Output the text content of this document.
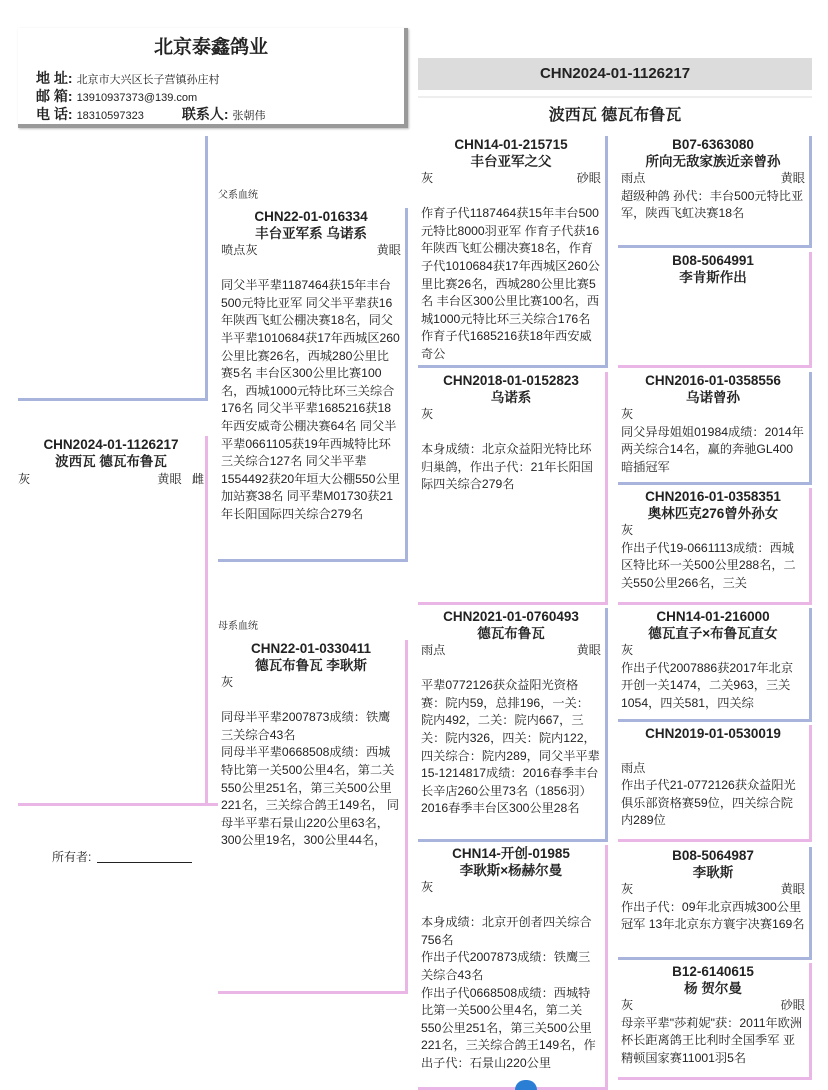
北京泰鑫鸽业
地 址: 北京市大兴区长子营镇孙庄村
邮 箱: 13910937373@139.com
电 话: 18310597323	联系人: 张朝伟
CHN2024-01-1126217
波西瓦 德瓦布鲁瓦
CHN2024-01-1126217
波西瓦 德瓦布鲁瓦
灰	黄眼 雌
父系血统
母系血统
所有者:
CHN22-01-016334
丰台亚军系 乌诺系
喷点灰	黄眼
同父半平辈1187464获15年丰台500元特比亚军 同父半平辈获16年陕西飞虹公棚决赛18名，同父半平辈1010684获17年西城区260公里比赛26名，西城280公里比赛5名 丰台区300公里比赛100名，西城1000元特比环三关综合176名 同父半平辈1685216获18年西安威奇公棚决赛64名 同父半平辈0661105获19年西城特比环三关综合127名 同父半平辈1554492获20年垣大公棚550公里加站赛38名 同平辈M01730获21年长阳国际四关综合279名
CHN22-01-0330411
德瓦布鲁瓦 李耿斯
灰
同母半平辈2007873成绩：铁鹰三关综合43名
同母半平辈0668508成绩：西城特比第一关500公里4名，第二关550公里251名，第三关500公里221名，三关综合鸽王149名， 同母半平辈石景山220公里63名，300公里19名，300公里44名，
CHN14-01-215715
丰台亚军之父
灰	砂眼
作育子代1187464获15年丰台500元特比8000羽亚军 作育子代获16年陕西飞虹公棚决赛18名，作育子代1010684获17年西城区260公里比赛26名，西城280公里比赛5名 丰台区300公里比赛100名，西城1000元特比环三关综合176名 作育子代1685216获18年西安威奇公
CHN2018-01-0152823
乌诺系
灰
本身成绩：北京众益阳光特比环归巢鸽，作出子代：21年长阳国际四关综合279名
CHN2021-01-0760493
德瓦布鲁瓦
雨点	黄眼
平辈0772126获众益阳光资格赛：院内59，总排196，一关：院内492，二关：院内667，三关：院内326，四关：院内122，四关综合：院内289，同父半平辈15-1214817成绩：2016春季丰台长辛店260公里73名（1856羽）2016春季丰台区300公里28名
CHN14-开创-01985
李耿斯×杨赫尔曼
灰
本身成绩：北京开创者四关综合756名
作出子代2007873成绩：铁鹰三关综合43名
作出子代0668508成绩：西城特比第一关500公里4名，第二关550公里251名，第三关500公里221名，三关综合鸽王149名，作出子代：石景山220公里
B07-6363080
所向无敌家族近亲曾孙
雨点	黄眼
超级种鸽 孙代：丰台500元特比亚军，陕西飞虹决赛18名
B08-5064991
李肯斯作出
CHN2016-01-0358556
乌诺曾孙
灰
同父异母姐姐01984成绩：2014年两关综合14名，赢的奔驰GL400暗插冠军
CHN2016-01-0358351
奥林匹克276曾外孙女
灰
作出子代19-0661113成绩：西城区特比环一关500公里288名，二关550公里266名，三关
CHN14-01-216000
德瓦直子×布鲁瓦直女
灰
作出子代2007886获2017年北京开创一关1474，二关963，三关1054，四关581，四关综
CHN2019-01-0530019
雨点
作出子代21-0772126获众益阳光俱乐部资格赛59位，四关综合院内289位
B08-5064987
李耿斯
灰	黄眼
作出子代：09年北京西城300公里冠军 13年北京东方寰宇决赛169名
B12-6140615
杨 贺尔曼
灰	砂眼
母亲平辈"莎莉妮"获：2011年欧洲杯长距离鸽王比利时全国季军 亚精顿国家赛11001羽5名
